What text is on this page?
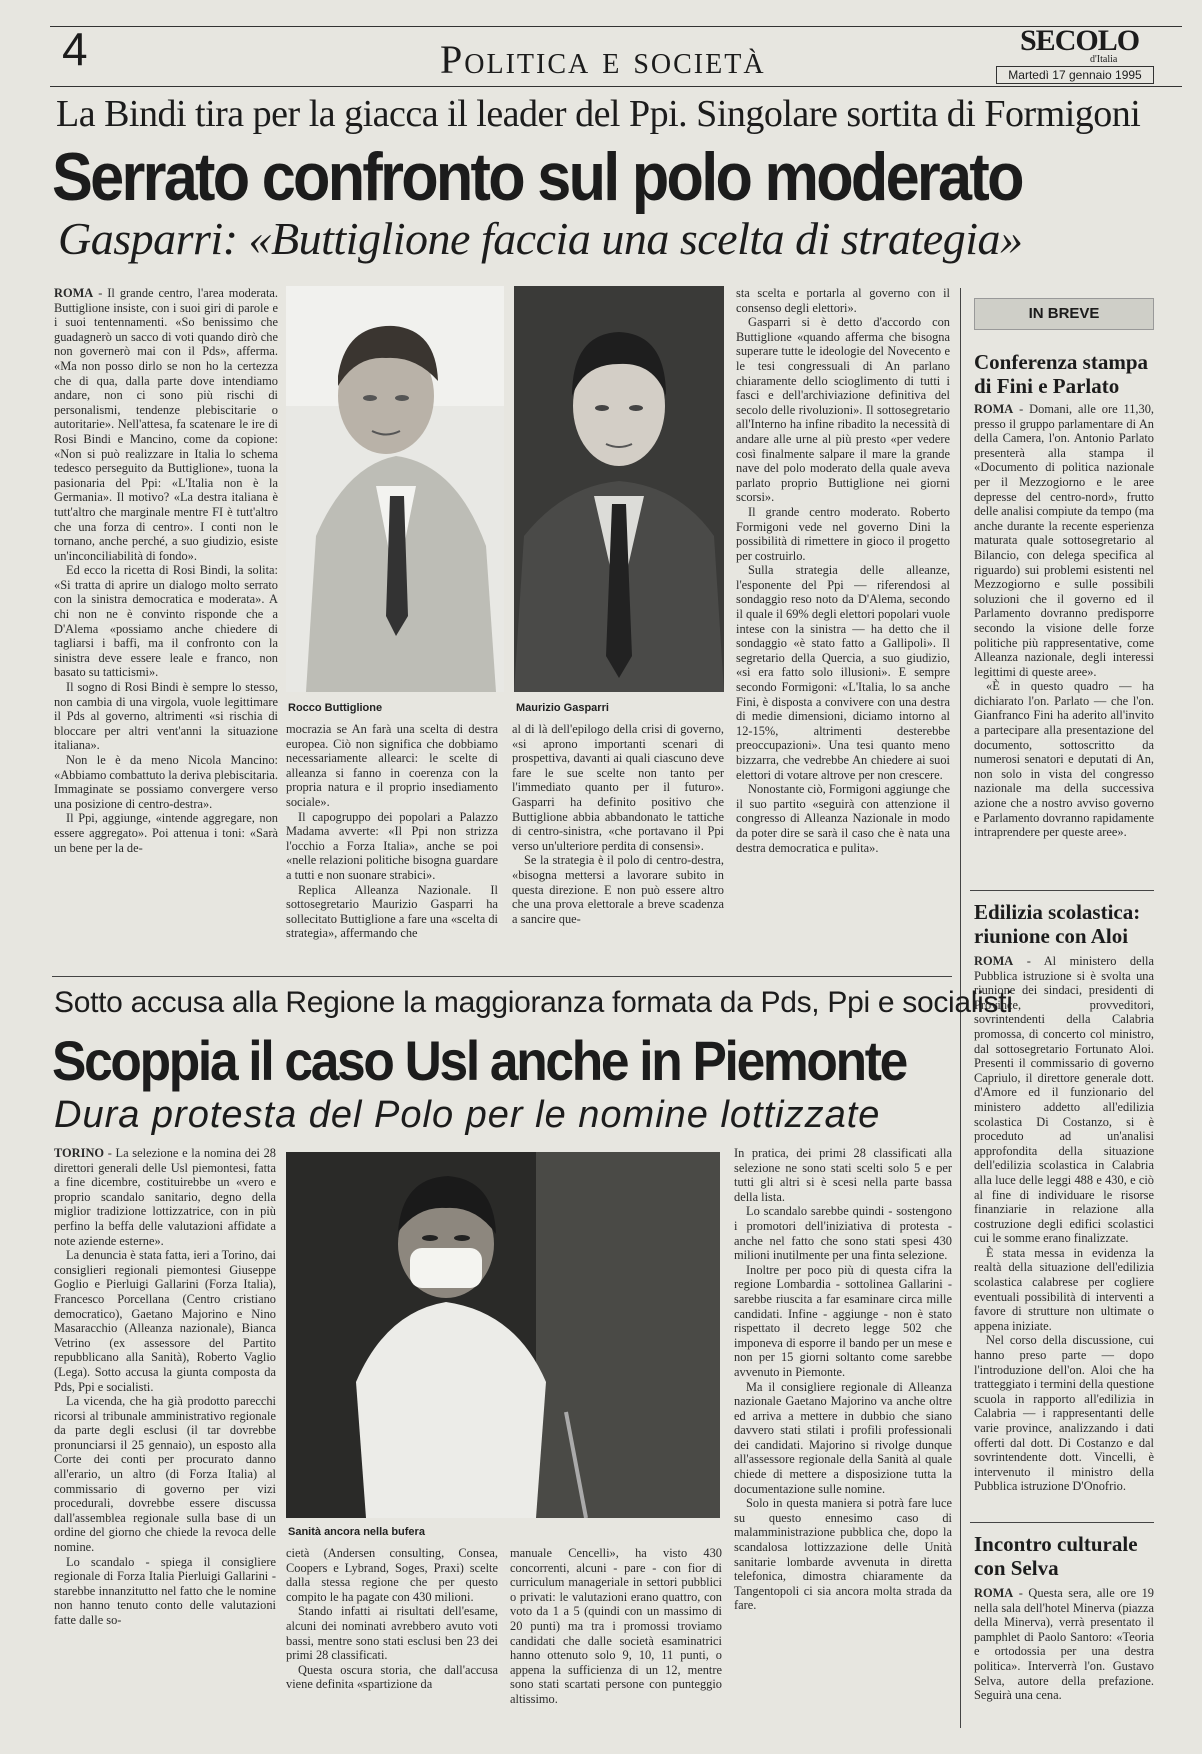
4	Politica e società	SECOLO
d'Italia
Martedì 17 gennaio 1995
La Bindi tira per la giacca il leader del Ppi. Singolare sortita di Formigoni
Serrato confronto sul polo moderato
Gasparri: «Buttiglione faccia una scelta di strategia»

ROMA - Il grande centro, l'area moderata. Buttiglione insiste, con i suoi giri di parole e i suoi tentennamenti. «So benissimo che guadagnerò un sacco di voti quando dirò che non governerò mai con il Pds», afferma. «Ma non posso dirlo se non ho la certezza che di qua, dalla parte dove intendiamo andare, non ci sono più rischi di personalismi, tendenze plebiscitarie o autoritarie». Nell'attesa, fa scatenare le ire di Rosi Bindi e Mancino, come da copione: «Non si può realizzare in Italia lo schema tedesco perseguito da Buttiglione», tuona la pasionaria del Ppi: «L'Italia non è la Germania». Il motivo? «La destra italiana è tutt'altro che marginale mentre FI è tutt'altro che una forza di centro». I conti non le tornano, anche perché, a suo giudizio, esiste un'inconciliabilità di fondo».

Ed ecco la ricetta di Rosi Bindi, la solita: «Si tratta di aprire un dialogo molto serrato con la sinistra democratica e moderata». A chi non ne è convinto risponde che a D'Alema «possiamo anche chiedere di tagliarsi i baffi, ma il confronto con la sinistra deve essere leale e franco, non basato su tatticismi».

Il sogno di Rosi Bindi è sempre lo stesso, non cambia di una virgola, vuole legittimare il Pds al governo, altrimenti «si rischia di bloccare per altri vent'anni la situazione italiana».

Non le è da meno Nicola Mancino: «Abbiamo combattuto la deriva plebiscitaria. Immaginate se possiamo convergere verso una posizione di centro-destra».

Il Ppi, aggiunge, «intende aggregare, non essere aggregato». Poi attenua i toni: «Sarà un bene per la de-

Rocco Buttiglione	Maurizio Gasparri

mocrazia se An farà una scelta di destra europea. Ciò non significa che dobbiamo necessariamente allearci: le scelte di alleanza si fanno in coerenza con la propria natura e il proprio insediamento sociale».

Il capogruppo dei popolari a Palazzo Madama avverte: «Il Ppi non strizza l'occhio a Forza Italia», anche se poi «nelle relazioni politiche bisogna guardare a tutti e non suonare strabici».

Replica Alleanza Nazionale. Il sottosegretario Maurizio Gasparri ha sollecitato Buttiglione a fare una «scelta di strategia», affermando che

al di là dell'epilogo della crisi di governo, «si aprono importanti scenari di prospettiva, davanti ai quali ciascuno deve fare le sue scelte non tanto per l'immediato quanto per il futuro». Gasparri ha definito positivo che Buttiglione abbia abbandonato le tattiche di centro-sinistra, «che portavano il Ppi verso un'ulteriore perdita di consensi».

Se la strategia è il polo di centro-destra, «bisogna mettersi a lavorare subito in questa direzione. E non può essere altro che una prova elettorale a breve scadenza a sancire que-

sta scelta e portarla al governo con il consenso degli elettori».

Gasparri si è detto d'accordo con Buttiglione «quando afferma che bisogna superare tutte le ideologie del Novecento e le tesi congressuali di An parlano chiaramente dello scioglimento di tutti i fasci e dell'archiviazione definitiva del secolo delle rivoluzioni». Il sottosegretario all'Interno ha infine ribadito la necessità di andare alle urne al più presto «per vedere così finalmente salpare il mare la grande nave del polo moderato della quale aveva parlato proprio Buttiglione nei giorni scorsi».

Il grande centro moderato. Roberto Formigoni vede nel governo Dini la possibilità di rimettere in gioco il progetto per costruirlo.

Sulla strategia delle alleanze, l'esponente del Ppi — riferendosi al sondaggio reso noto da D'Alema, secondo il quale il 69% degli elettori popolari vuole intese con la sinistra — ha detto che il sondaggio «è stato fatto a Gallipoli». Il segretario della Quercia, a suo giudizio, «si era fatto solo illusioni». E sempre secondo Formigoni: «L'Italia, lo sa anche Fini, è disposta a convivere con una destra di medie dimensioni, diciamo intorno al 12-15%, altrimenti desterebbe preoccupazioni». Una tesi quanto meno bizzarra, che vedrebbe An chiedere ai suoi elettori di votare altrove per non crescere.

Nonostante ciò, Formigoni aggiunge che il suo partito «seguirà con attenzione il congresso di Alleanza Nazionale in modo da poter dire se sarà il caso che è nata una destra democratica e pulita».

IN BREVE
Conferenza stampa di Fini e Parlato

ROMA - Domani, alle ore 11,30, presso il gruppo parlamentare di An della Camera, l'on. Antonio Parlato presenterà alla stampa il «Documento di politica nazionale per il Mezzogiorno e le aree depresse del centro-nord», frutto delle analisi compiute da tempo (ma anche durante la recente esperienza maturata quale sottosegretario al Bilancio, con delega specifica al riguardo) sui problemi esistenti nel Mezzogiorno e sulle possibili soluzioni che il governo ed il Parlamento dovranno predisporre secondo la visione delle forze politiche più rappresentative, come Alleanza nazionale, degli interessi legittimi di queste aree».

«È in questo quadro — ha dichiarato l'on. Parlato — che l'on. Gianfranco Fini ha aderito all'invito a partecipare alla presentazione del documento, sottoscritto da numerosi senatori e deputati di An, non solo in vista del congresso nazionale ma della successiva azione che a nostro avviso governo e Parlamento dovranno rapidamente intraprendere per queste aree».

Edilizia scolastica: riunione con Aloi

ROMA - Al ministero della Pubblica istruzione si è svolta una riunione dei sindaci, presidenti di Province, provveditori, sovrintendenti della Calabria promossa, di concerto col ministro, dal sottosegretario Fortunato Aloi. Presenti il commissario di governo Capriulo, il direttore generale dott. d'Amore ed il funzionario del ministero addetto all'edilizia scolastica Di Costanzo, si è proceduto ad un'analisi approfondita della situazione dell'edilizia scolastica in Calabria alla luce delle leggi 488 e 430, e ciò al fine di individuare le risorse finanziarie in relazione alla costruzione degli edifici scolastici cui le somme erano finalizzate.

È stata messa in evidenza la realtà della situazione dell'edilizia scolastica calabrese per cogliere eventuali possibilità di interventi a favore di strutture non ultimate o appena iniziate.

Nel corso della discussione, cui hanno preso parte — dopo l'introduzione dell'on. Aloi che ha tratteggiato i termini della questione scuola in rapporto all'edilizia in Calabria — i rappresentanti delle varie province, analizzando i dati offerti dal dott. Di Costanzo e dal sovrintendente dott. Vincelli, è intervenuto il ministro della Pubblica istruzione D'Onofrio.

Incontro culturale con Selva

ROMA - Questa sera, alle ore 19 nella sala dell'hotel Minerva (piazza della Minerva), verrà presentato il pamphlet di Paolo Santoro: «Teoria e ortodossia per una destra politica». Interverrà l'on. Gustavo Selva, autore della prefazione. Seguirà una cena.

Sotto accusa alla Regione la maggioranza formata da Pds, Ppi e socialisti
Scoppia il caso Usl anche in Piemonte
Dura protesta del Polo per le nomine lottizzate

TORINO - La selezione e la nomina dei 28 direttori generali delle Usl piemontesi, fatta a fine dicembre, costituirebbe un «vero e proprio scandalo sanitario, degno della miglior tradizione lottizzatrice, con in più perfino la beffa delle valutazioni affidate a note aziende esterne».

La denuncia è stata fatta, ieri a Torino, dai consiglieri regionali piemontesi Giuseppe Goglio e Pierluigi Gallarini (Forza Italia), Francesco Porcellana (Centro cristiano democratico), Gaetano Majorino e Nino Masaracchio (Alleanza nazionale), Bianca Vetrino (ex assessore del Partito repubblicano alla Sanità), Roberto Vaglio (Lega). Sotto accusa la giunta composta da Pds, Ppi e socialisti.

La vicenda, che ha già prodotto parecchi ricorsi al tribunale amministrativo regionale da parte degli esclusi (il tar dovrebbe pronunciarsi il 25 gennaio), un esposto alla Corte dei conti per procurato danno all'erario, un altro (di Forza Italia) al commissario di governo per vizi procedurali, dovrebbe essere discussa dall'assemblea regionale sulla base di un ordine del giorno che chiede la revoca delle nomine.

Lo scandalo - spiega il consigliere regionale di Forza Italia Pierluigi Gallarini - starebbe innanzitutto nel fatto che le nomine non hanno tenuto conto delle valutazioni fatte dalle so-

Sanità ancora nella bufera

cietà (Andersen consulting, Consea, Coopers e Lybrand, Soges, Praxi) scelte dalla stessa regione che per questo compito le ha pagate con 430 milioni.

Stando infatti ai risultati dell'esame, alcuni dei nominati avrebbero avuto voti bassi, mentre sono stati esclusi ben 23 dei primi 28 classificati.

Questa oscura storia, che dall'accusa viene definita «spartizione da

manuale Cencelli», ha visto 430 concorrenti, alcuni - pare - con fior di curriculum manageriale in settori pubblici o privati: le valutazioni erano quattro, con voto da 1 a 5 (quindi con un massimo di 20 punti) ma tra i promossi troviamo candidati che dalle società esaminatrici hanno ottenuto solo 9, 10, 11 punti, o appena la sufficienza di un 12, mentre sono stati scartati persone con punteggio altissimo.

In pratica, dei primi 28 classificati alla selezione ne sono stati scelti solo 5 e per tutti gli altri si è scesi nella parte bassa della lista.

Lo scandalo sarebbe quindi - sostengono i promotori dell'iniziativa di protesta - anche nel fatto che sono stati spesi 430 milioni inutilmente per una finta selezione.

Inoltre per poco più di questa cifra la regione Lombardia - sottolinea Gallarini - sarebbe riuscita a far esaminare circa mille candidati. Infine - aggiunge - non è stato rispettato il decreto legge 502 che imponeva di esporre il bando per un mese e non per 15 giorni soltanto come sarebbe avvenuto in Piemonte.

Ma il consigliere regionale di Alleanza nazionale Gaetano Majorino va anche oltre ed arriva a mettere in dubbio che siano davvero stati stilati i profili professionali dei candidati. Majorino si rivolge dunque all'assessore regionale della Sanità al quale chiede di mettere a disposizione tutta la documentazione sulle nomine.

Solo in questa maniera si potrà fare luce su questo ennesimo caso di malamministrazione pubblica che, dopo la scandalosa lottizzazione delle Unità sanitarie lombarde avvenuta in diretta telefonica, dimostra chiaramente da Tangentopoli ci sia ancora molta strada da fare.
